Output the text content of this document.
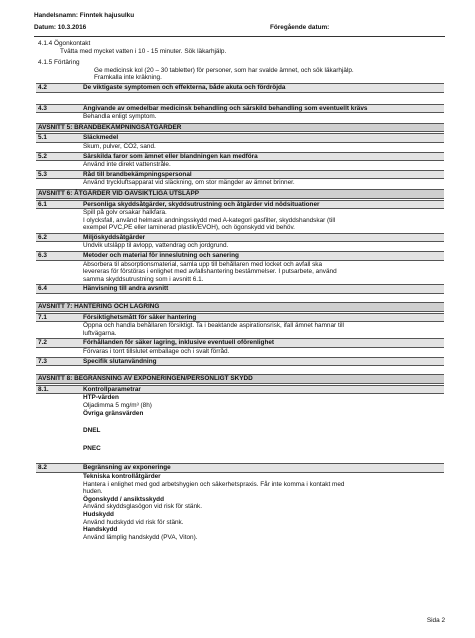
Handelsnamn: Finntek hajusulku
Datum: 10.3.2016	Föregående datum:
4.1.4 Ögonkontakt
Tvätta med mycket vatten i 10 - 15 minuter. Sök läkarhjälp.
4.1.5 Förtäring
Ge medicinsk kol (20 – 30 tabletter) för personer, som har svalde ämnet, och sök läkarhjälp.
Framkalla inte kräkning.
4.2	De viktigaste symptomen och effekterna, både akuta och fördröjda
4.3	Angivande av omedelbar medicinsk behandling och särskild behandling som eventuellt krävs
Behandla enligt symptom.
AVSNITT 5: BRANDBEKÄMPNINGSÅTGÄRDER
5.1	Släckmedel
Skum, pulver, CO2, sand.
5.2	Särskilda faror som ämnet eller blandningen kan medföra
Använd inte direkt vattenstråle.
5.3	Råd till brandbekämpningspersonal
Använd tryckluftsapparat vid släckning, om stor mängder av ämnet brinner.
AVSNITT 6: ÅTGÄRDER VID OAVSIKTLIGA UTSLÄPP
6.1	Personliga skyddsåtgärder, skyddsutrustning och åtgärder vid nödsituationer
Spill på golv orsakar halkfara.
I olycksfall, använd helmask andningsskydd med A-kategori gasfilter, skyddshandskar (till
exempel PVC,PE eller laminerad plastik/EVOH), och ögonskydd vid behöv.
6.2	Miljöskyddsåtgärder
Undvik utsläpp til avlopp, vattendrag och jordgrund.
6.3	Metoder och material för inneslutning och sanering
Absorbera til absorptionsmaterial, samla upp till behållaren med locket och avfall ska
levereras för förstöras i enlighet med avfallshantering bestämmelser. I putsarbete, använd
samma skyddsutrustning som i avsnitt 6.1.
6.4	Hänvisning till andra avsnitt
AVSNITT 7: HANTERING OCH LAGRING
7.1	Försiktighetsmått för säker hantering
Öppna och handla behållaren försiktigt. Ta i beaktande aspirationsrisk, ifall ämnet hamnar till
luftvägarna.
7.2	Förhållanden för säker lagring, inklusive eventuell oförenlighet
Förvaras i torrt tillslutet emballage och i svalt förråd.
7.3	Specifik slutanvändning
AVSNITT 8: BEGRÄNSNING AV EXPONERINGEN/PERSONLIGT SKYDD
8.1.	Kontrollparametrar
HTP-värden
Oljadimma 5 mg/m³ (8h)
Övriga gränsvärden
DNEL
PNEC
8.2	Begränsning av exponeringe
Tekniska kontrollåtgärder
Hantera i enlighet med god arbetshygien och säkerhetspraxis. Får inte komma i kontakt med
huden.
Ögonskydd / ansiktsskydd
Använd skyddsglasögon vid risk för stänk.
Hudskydd
Använd hudskydd vid risk för stänk.
Handskydd
Använd lämplig handskydd (PVA, Viton).
Sida 2
